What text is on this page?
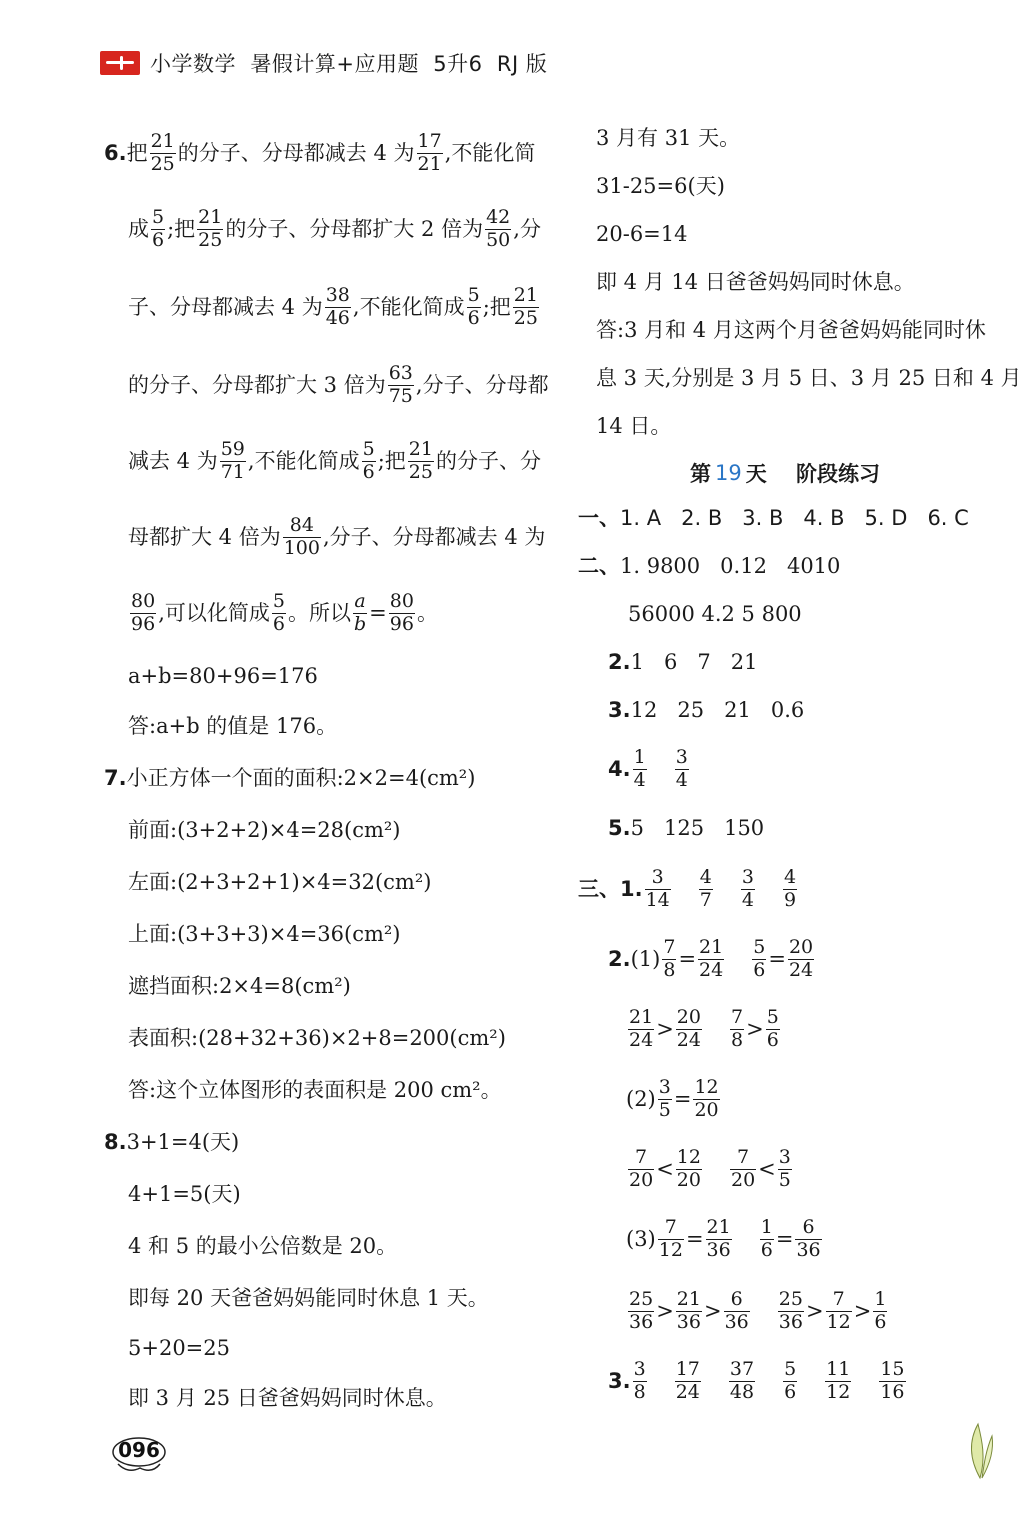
小学数学  暑假计算+应用题  5升6  RJ 版
6. 把 $\frac{21}{25}$ 的分子、分母都减去 4 为 $\frac{17}{21}$ ,不能化简
成 $\frac{5}{6}$ ;把 $\frac{21}{25}$ 的分子、分母都扩大 2 倍为 $\frac{42}{50}$ ,分
子、分母都减去 4 为 $\frac{38}{46}$ ,不能化简成 $\frac{5}{6}$ ;把 $\frac{21}{25}$
的分子、分母都扩大 3 倍为 $\frac{63}{75}$ ,分子、分母都
减去 4 为 $\frac{59}{71}$ ,不能化简成 $\frac{5}{6}$ ;把 $\frac{21}{25}$ 的分子、分
母都扩大 4 倍为 $\frac{84}{100}$ ,分子、分母都减去 4 为
$\frac{80}{96}$ ,可以化简成 $\frac{5}{6}$ 。所以 $\frac{a}{b} = \frac{80}{96}$ 。
a+b=80+96=176
答:a+b 的值是 176。
7. 小正方体一个面的面积:2×2=4(cm²)
前面:(3+2+2)×4=28(cm²)
左面:(2+3+2+1)×4=32(cm²)
上面:(3+3+3)×4=36(cm²)
遮挡面积:2×4=8(cm²)
表面积:(28+32+36)×2+8=200(cm²)
答:这个立体图形的表面积是 200 cm²。
8. 3+1=4(天)
4+1=5(天)
4 和 5 的最小公倍数是 20。
即每 20 天爸爸妈妈能同时休息 1 天。
5+20=25
即 3 月 25 日爸爸妈妈同时休息。
3 月有 31 天。
31-25=6(天)
20-6=14
即 4 月 14 日爸爸妈妈同时休息。
答:3 月和 4 月这两个月爸爸妈妈能同时休
息 3 天,分别是 3 月 5 日、3 月 25 日和 4 月
14 日。
第 19 天    阶段练习
一、 1. A   2. B   3. B   4. B   5. D   6. C
二、 1. 9800   0.12   4010
56000 4.2 5 800
2. 1   6   7   21
3. 12   25   21   0.6
4. $\frac{1}{4} \frac{3}{4}$
5. 5   125   150
三、 1. $\frac{3}{14} \frac{4}{7} \frac{3}{4} \frac{4}{9}$
2. $(1) \frac{7}{8} = \frac{21}{24} \frac{5}{6} = \frac{20}{24}$
$\frac{21}{24} > \frac{20}{24} \frac{7}{8} > \frac{5}{6}$
$(2) \frac{3}{5} = \frac{12}{20}$
$\frac{7}{20} < \frac{12}{20} \frac{7}{20} < \frac{3}{5}$
$(3) \frac{7}{12} = \frac{21}{36} \frac{1}{6} = \frac{6}{36}$
$\frac{25}{36} > \frac{21}{36} > \frac{6}{36} \frac{25}{36} > \frac{7}{12} > \frac{1}{6}$
3. $\frac{3}{8} \frac{17}{24} \frac{37}{48} \frac{5}{6} \frac{11}{12} \frac{15}{16}$
096
